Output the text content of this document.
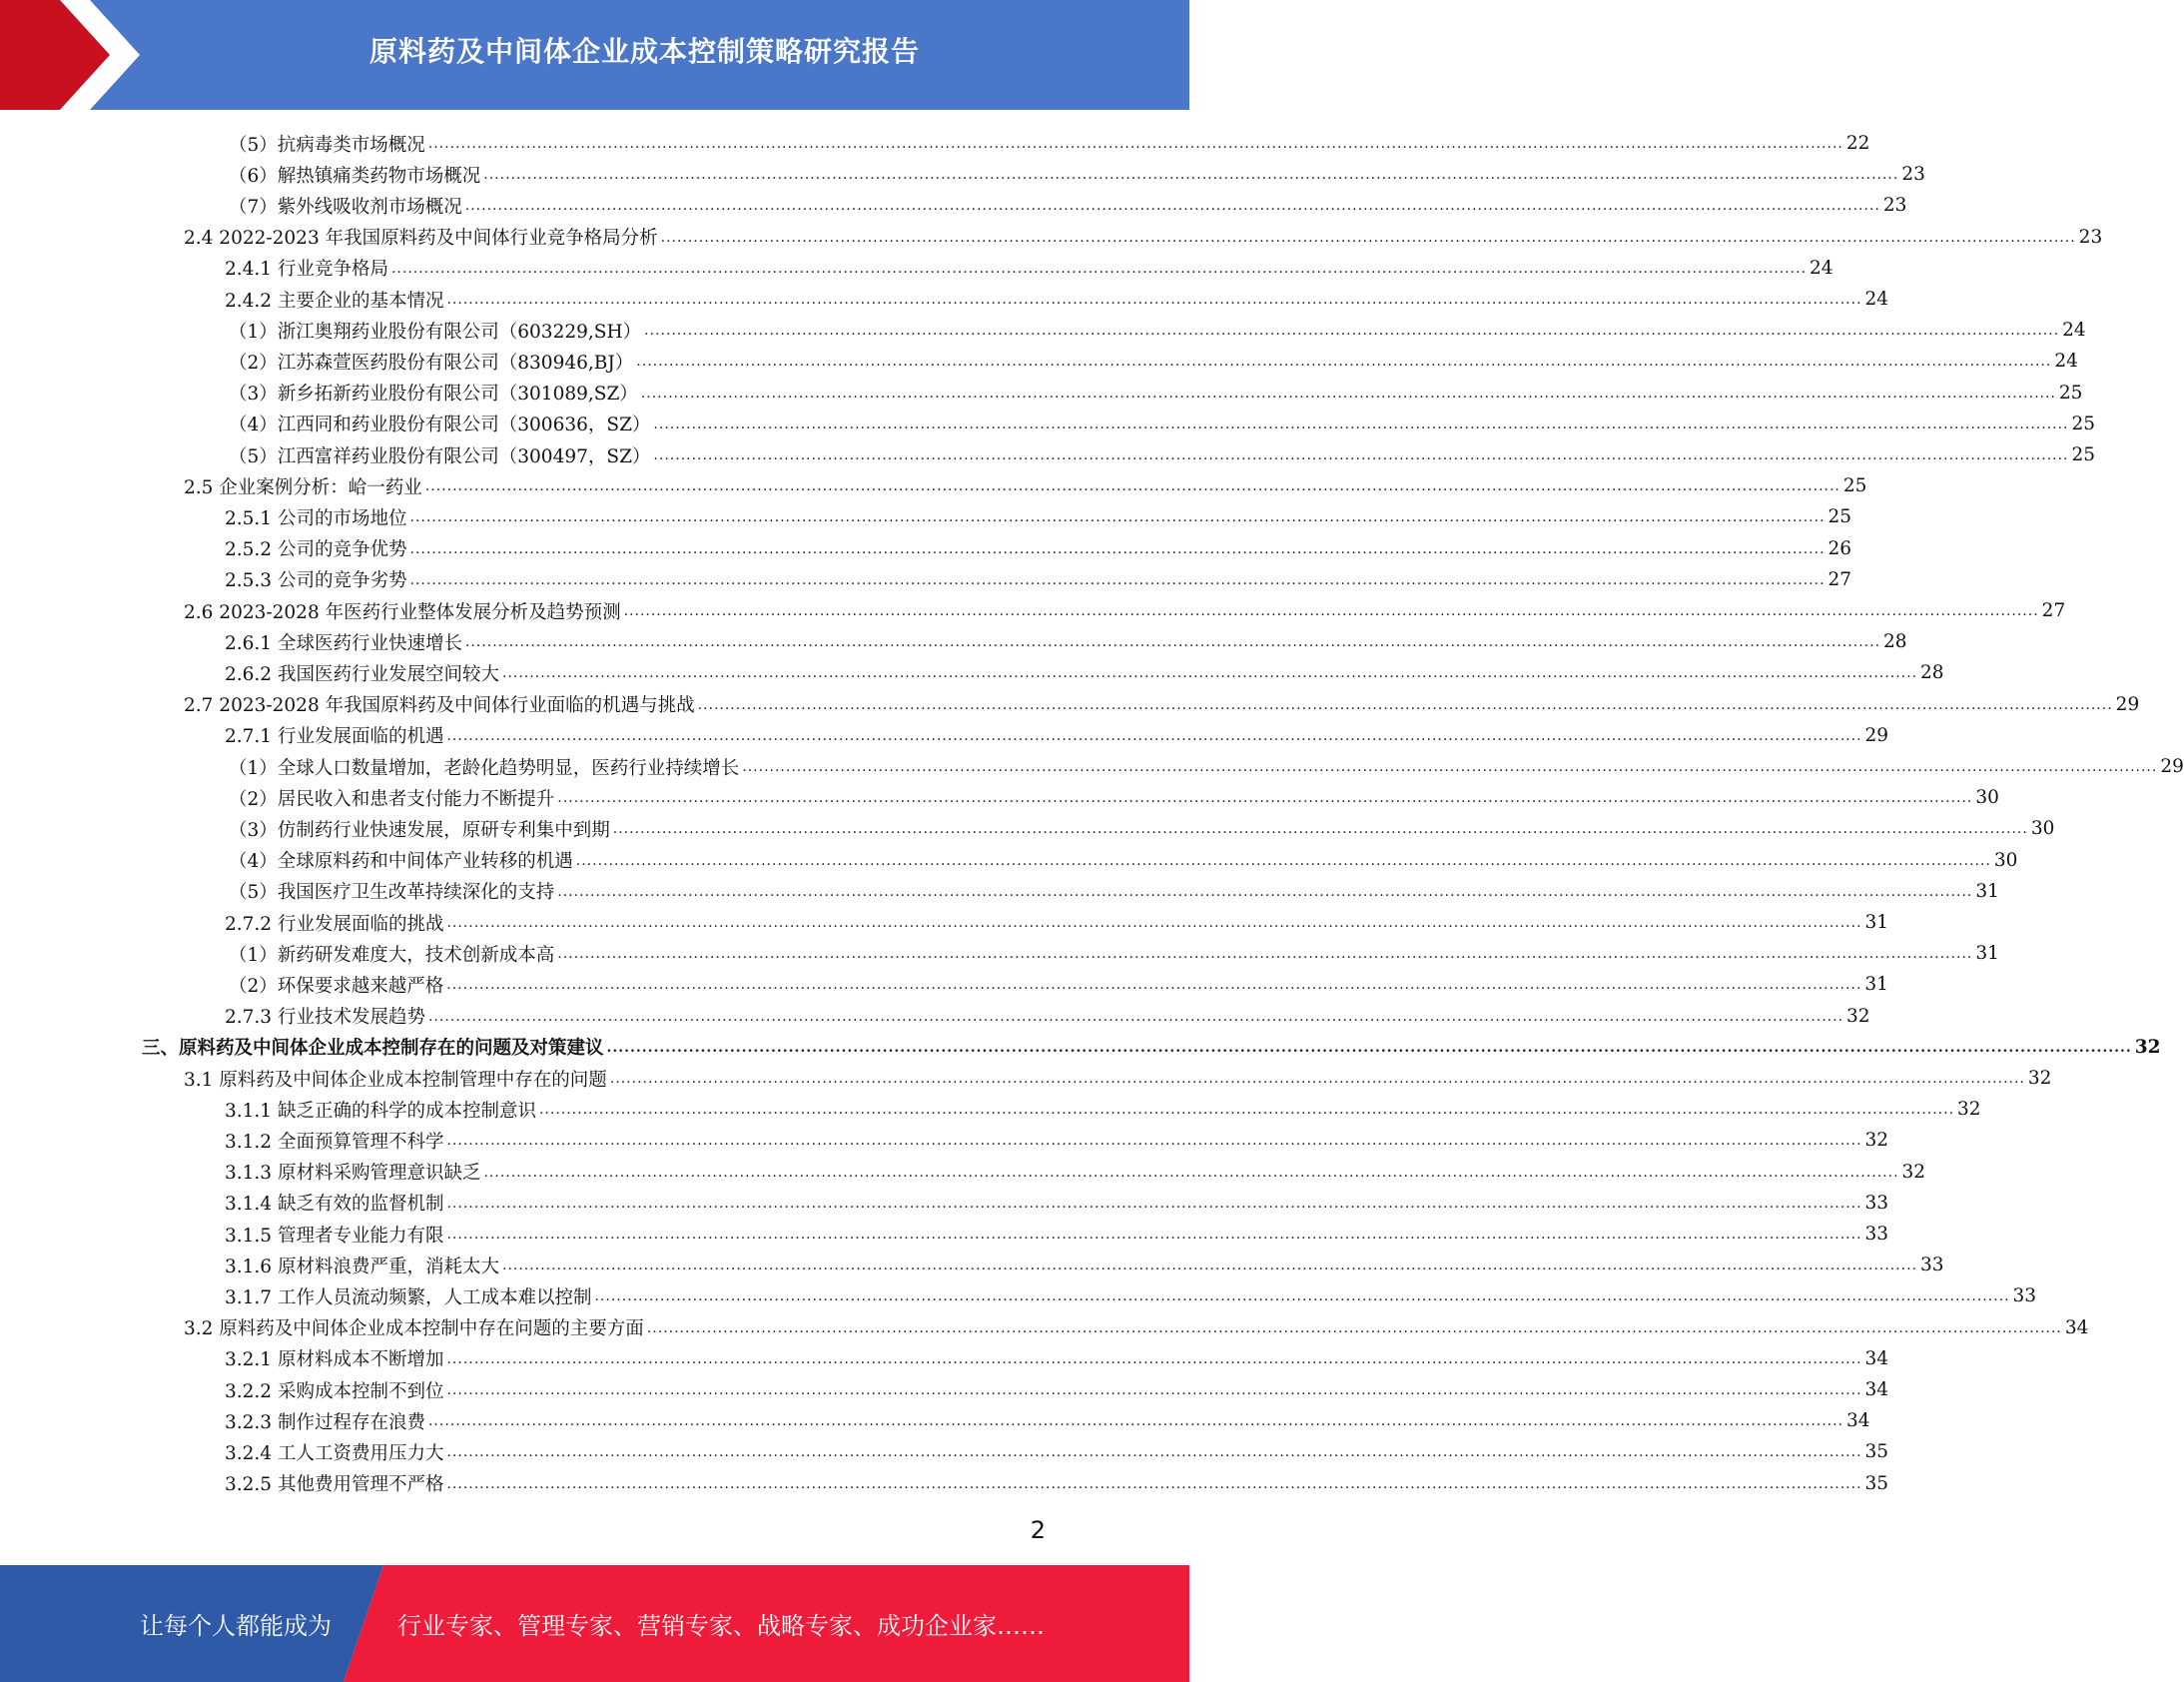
原料药及中间体企业成本控制策略研究报告
（5）抗病毒类市场概况 .................................................................................................................................................................................................................................................................... 22
（6）解热镇痛类药物市场概况 .................................................................................................................................................................................................................................................................... 23
（7）紫外线吸收剂市场概况 .................................................................................................................................................................................................................................................................... 23
2.4 2022-2023 年我国原料药及中间体行业竞争格局分析 .................................................................................................................................................................................................................................................................... 23
2.4.1 行业竞争格局 .................................................................................................................................................................................................................................................................... 24
2.4.2 主要企业的基本情况 .................................................................................................................................................................................................................................................................... 24
（1）浙江奥翔药业股份有限公司（603229,SH） .................................................................................................................................................................................................................................................................... 24
（2）江苏森萱医药股份有限公司（830946,BJ） .................................................................................................................................................................................................................................................................... 24
（3）新乡拓新药业股份有限公司（301089,SZ） .................................................................................................................................................................................................................................................................... 25
（4）江西同和药业股份有限公司（300636，SZ） .................................................................................................................................................................................................................................................................... 25
（5）江西富祥药业股份有限公司（300497，SZ） .................................................................................................................................................................................................................................................................... 25
2.5 企业案例分析：峆一药业 .................................................................................................................................................................................................................................................................... 25
2.5.1 公司的市场地位 .................................................................................................................................................................................................................................................................... 25
2.5.2 公司的竞争优势 .................................................................................................................................................................................................................................................................... 26
2.5.3 公司的竞争劣势 .................................................................................................................................................................................................................................................................... 27
2.6 2023-2028 年医药行业整体发展分析及趋势预测 .................................................................................................................................................................................................................................................................... 27
2.6.1 全球医药行业快速增长 .................................................................................................................................................................................................................................................................... 28
2.6.2 我国医药行业发展空间较大 .................................................................................................................................................................................................................................................................... 28
2.7 2023-2028 年我国原料药及中间体行业面临的机遇与挑战 .................................................................................................................................................................................................................................................................... 29
2.7.1 行业发展面临的机遇 .................................................................................................................................................................................................................................................................... 29
（1）全球人口数量增加，老龄化趋势明显，医药行业持续增长 .................................................................................................................................................................................................................................................................... 29
（2）居民收入和患者支付能力不断提升 .................................................................................................................................................................................................................................................................... 30
（3）仿制药行业快速发展，原研专利集中到期 .................................................................................................................................................................................................................................................................... 30
（4）全球原料药和中间体产业转移的机遇 .................................................................................................................................................................................................................................................................... 30
（5）我国医疗卫生改革持续深化的支持 .................................................................................................................................................................................................................................................................... 31
2.7.2 行业发展面临的挑战 .................................................................................................................................................................................................................................................................... 31
（1）新药研发难度大，技术创新成本高 .................................................................................................................................................................................................................................................................... 31
（2）环保要求越来越严格 .................................................................................................................................................................................................................................................................... 31
2.7.3 行业技术发展趋势 .................................................................................................................................................................................................................................................................... 32
三、原料药及中间体企业成本控制存在的问题及对策建议 .................................................................................................................................................................................................................................................................... 32
3.1 原料药及中间体企业成本控制管理中存在的问题 .................................................................................................................................................................................................................................................................... 32
3.1.1 缺乏正确的科学的成本控制意识 .................................................................................................................................................................................................................................................................... 32
3.1.2 全面预算管理不科学 .................................................................................................................................................................................................................................................................... 32
3.1.3 原材料采购管理意识缺乏 .................................................................................................................................................................................................................................................................... 32
3.1.4 缺乏有效的监督机制 .................................................................................................................................................................................................................................................................... 33
3.1.5 管理者专业能力有限 .................................................................................................................................................................................................................................................................... 33
3.1.6 原材料浪费严重，消耗太大 .................................................................................................................................................................................................................................................................... 33
3.1.7 工作人员流动频繁，人工成本难以控制 .................................................................................................................................................................................................................................................................... 33
3.2 原料药及中间体企业成本控制中存在问题的主要方面 .................................................................................................................................................................................................................................................................... 34
3.2.1 原材料成本不断增加 .................................................................................................................................................................................................................................................................... 34
3.2.2 采购成本控制不到位 .................................................................................................................................................................................................................................................................... 34
3.2.3 制作过程存在浪费 .................................................................................................................................................................................................................................................................... 34
3.2.4 工人工资费用压力大 .................................................................................................................................................................................................................................................................... 35
3.2.5 其他费用管理不严格 .................................................................................................................................................................................................................................................................... 35
2
让每个人都能成为	行业专家、管理专家、营销专家、战略专家、成功企业家……
